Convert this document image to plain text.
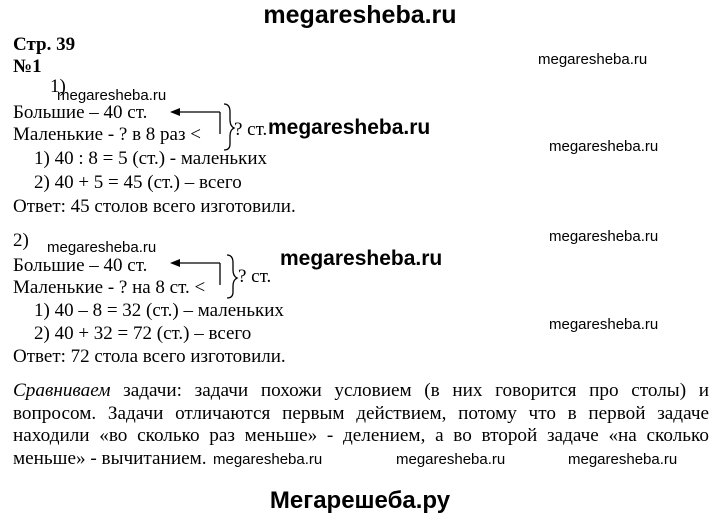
megaresheba.ru
Стр. 39
№1	megaresheba.ru
megaresheba.ru
megaresheba.ru
megaresheba.ru
megaresheba.ru
megaresheba.ru	megaresheba.ru
megaresheba.ru
megaresheba.ru	megaresheba.ru	megaresheba.ru
1)
Большие – 40 ст.
Маленькие - ? в 8 раз < ? ст.
1) 40 : 8 = 5 (ст.) - маленьких
2) 40 + 5 = 45 (ст.) – всего
Ответ: 45 столов всего изготовили.
2)
Большие – 40 ст.
Маленькие - ? на 8 ст. <
? ст.
1) 40 – 8 = 32 (ст.) – маленьких
2) 40 + 32 = 72 (ст.) – всего
Ответ: 72 стола всего изготовили.
Сравниваем задачи: задачи похожи условием (в них говорится про столы) и вопросом. Задачи отличаются первым действием, потому что в первой задаче находили «во сколько раз меньше» - делением, а во второй задаче «на сколько меньше» - вычитанием.
Мегарешеба.ру
